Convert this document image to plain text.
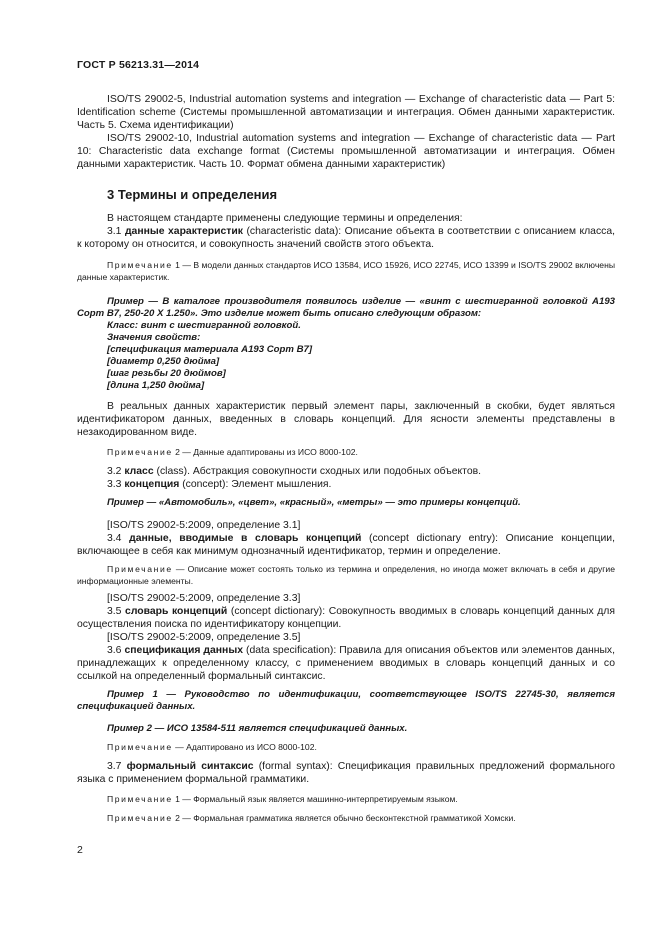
ГОСТ Р 56213.31—2014

ISO/TS 29002-5, Industrial automation systems and integration — Exchange of characteristic data — Part 5: Identification scheme (Системы промышленной автоматизации и интеграция. Обмен данными характеристик. Часть 5. Схема идентификации)

ISO/TS 29002-10, Industrial automation systems and integration — Exchange of characteristic data — Part 10: Characteristic data exchange format (Системы промышленной автоматизации и интеграция. Обмен данными характеристик. Часть 10. Формат обмена данными характеристик)

3 Термины и определения

В настоящем стандарте применены следующие термины и определения:

3.1 данные характеристик (characteristic data): Описание объекта в соответствии с описанием класса, к которому он относится, и совокупность значений свойств этого объекта.

Примечание 1 — В модели данных стандартов ИСО 13584, ИСО 15926, ИСО 22745, ИСО 13399 и ISO/TS 29002 включены данные характеристик.

Пример — В каталоге производителя появилось изделие — «винт с шестигранной головкой A193 Сорт B7, 250-20 X 1.250». Это изделие может быть описано следующим образом:

Класс: винт с шестигранной головкой.

Значения свойств:

[спецификация материала A193 Сорт B7]

[диаметр 0,250 дюйма]

[шаг резьбы 20 дюймов]

[длина 1,250 дюйма]

В реальных данных характеристик первый элемент пары, заключенный в скобки, будет являться идентификатором данных, введенных в словарь концепций. Для ясности элементы представлены в незакодированном виде.

Примечание 2 — Данные адаптированы из ИСО 8000-102.

3.2 класс (class). Абстракция совокупности сходных или подобных объектов.

3.3 концепция (concept): Элемент мышления.

Пример — «Автомобиль», «цвет», «красный», «метры» — это примеры концепций.

[ISO/TS 29002-5:2009, определение 3.1]

3.4 данные, вводимые в словарь концепций (concept dictionary entry): Описание концепции, включающее в себя как минимум однозначный идентификатор, термин и определение.

Примечание — Описание может состоять только из термина и определения, но иногда может включать в себя и другие информационные элементы.

[ISO/TS 29002-5:2009, определение 3.3]

3.5 словарь концепций (concept dictionary): Совокупность вводимых в словарь концепций данных для осуществления поиска по идентификатору концепции.

[ISO/TS 29002-5:2009, определение 3.5]

3.6 спецификация данных (data specification): Правила для описания объектов или элементов данных, принадлежащих к определенному классу, с применением вводимых в словарь концепций данных и со ссылкой на определенный формальный синтаксис.

Пример 1 — Руководство по идентификации, соответствующее ISO/TS 22745-30, является спецификацией данных.

Пример 2 — ИСО 13584-511 является спецификацией данных.

Примечание — Адаптировано из ИСО 8000-102.

3.7 формальный синтаксис (formal syntax): Спецификация правильных предложений формального языка с применением формальной грамматики.

Примечание 1 — Формальный язык является машинно-интерпретируемым языком.

Примечание 2 — Формальная грамматика является обычно бесконтекстной грамматикой Хомски.

2
